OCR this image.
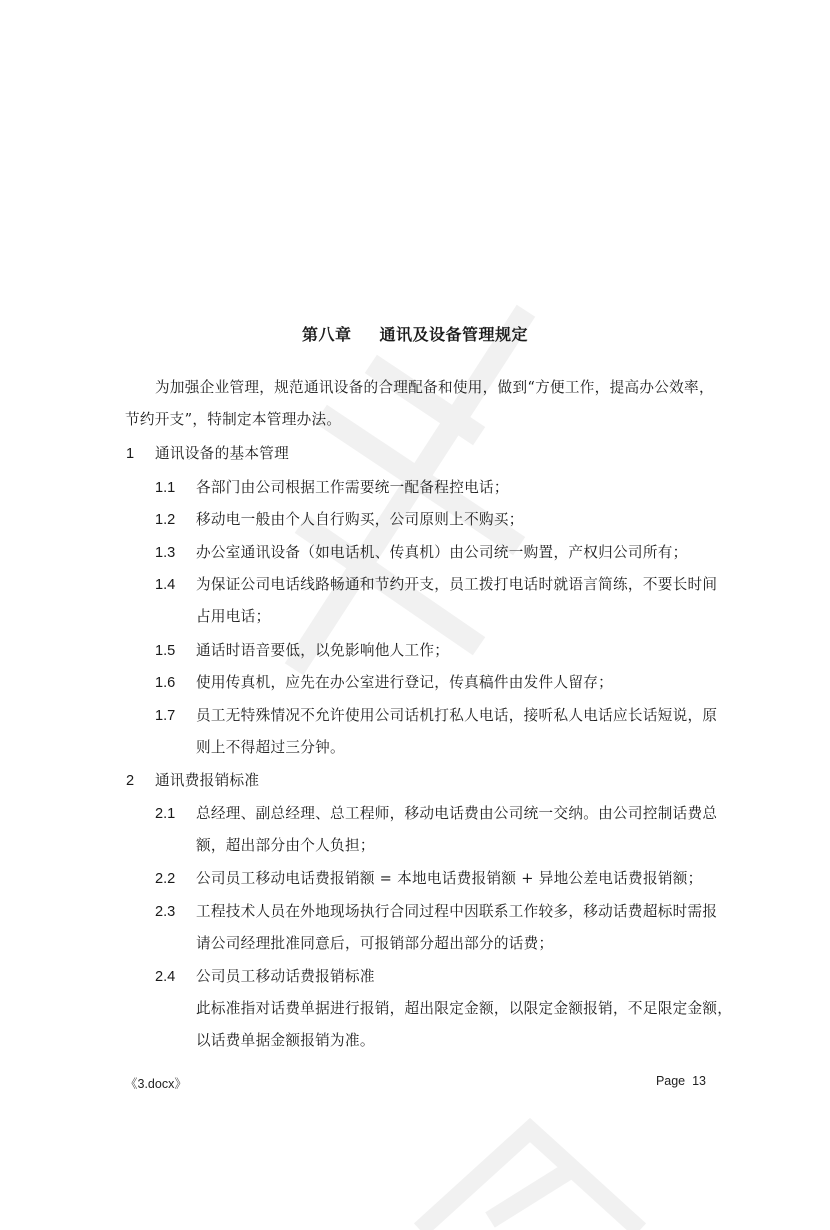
第八章 通讯及设备管理规定
为加强企业管理，规范通讯设备的合理配备和使用，做到“方便工作，提高办公效率，
节约开支”，特制定本管理办法。
1 通讯设备的基本管理
1.1 各部门由公司根据工作需要统一配备程控电话；
1.2 移动电一般由个人自行购买，公司原则上不购买；
1.3 办公室通讯设备（如电话机、传真机）由公司统一购置，产权归公司所有；
1.4 为保证公司电话线路畅通和节约开支，员工拨打电话时就语言简练，不要长时间
占用电话；
1.5 通话时语音要低，以免影响他人工作；
1.6 使用传真机，应先在办公室进行登记，传真稿件由发件人留存；
1.7 员工无特殊情况不允许使用公司话机打私人电话，接听私人电话应长话短说，原
则上不得超过三分钟。
2 通讯费报销标准
2.1 总经理、副总经理、总工程师，移动电话费由公司统一交纳。由公司控制话费总
额，超出部分由个人负担；
2.2 公司员工移动电话费报销额 = 本地电话费报销额 + 异地公差电话费报销额；
2.3 工程技术人员在外地现场执行合同过程中因联系工作较多，移动话费超标时需报
请公司经理批准同意后，可报销部分超出部分的话费；
2.4 公司员工移动话费报销标准
此标准指对话费单据进行报销，超出限定金额，以限定金额报销，不足限定金额，
以话费单据金额报销为准。
《3.docx》	Page 13
